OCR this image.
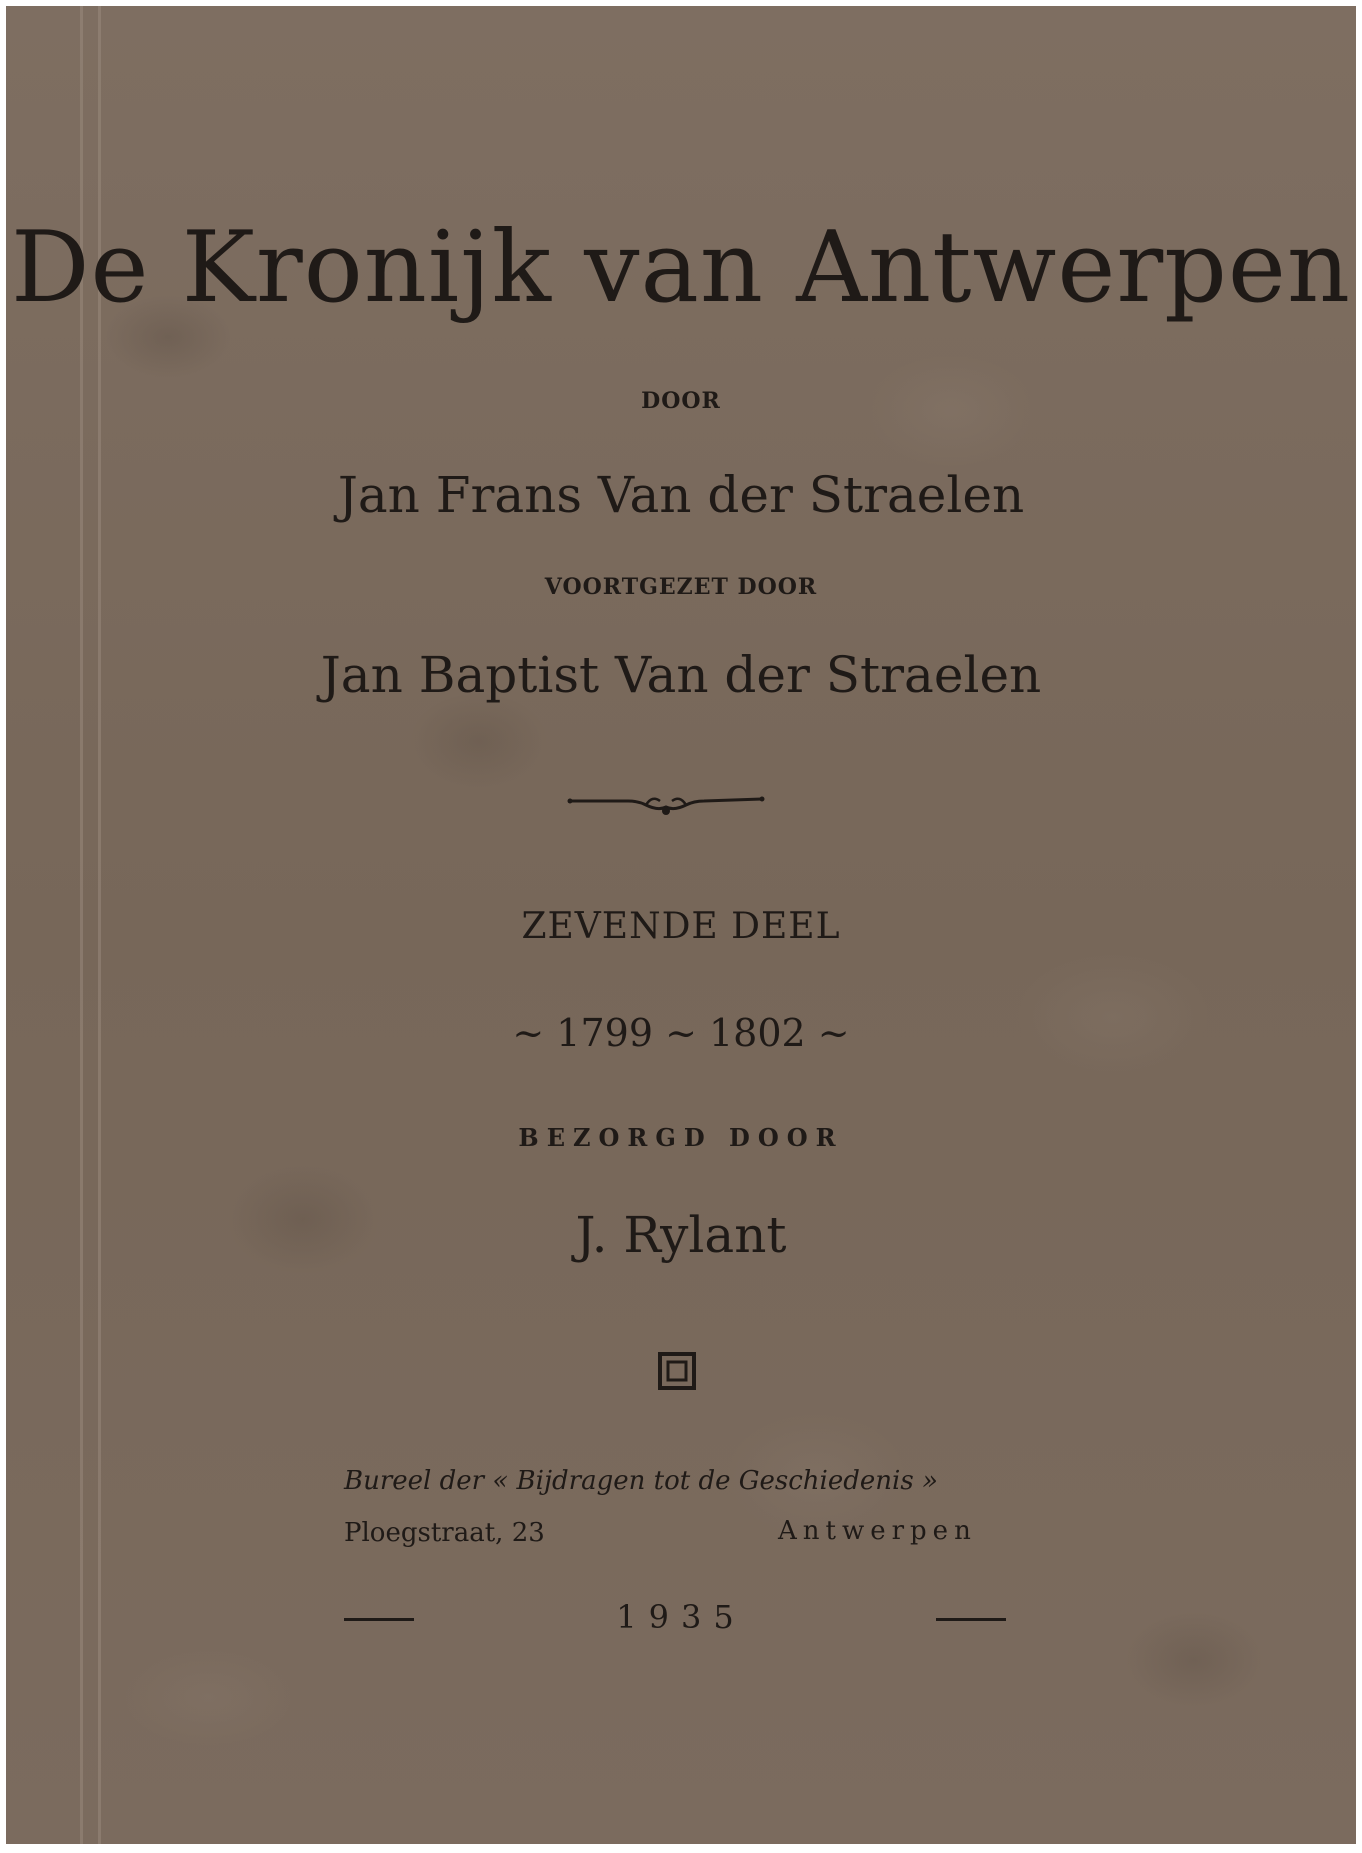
De Kronijk van Antwerpen
DOOR
Jan Frans Van der Straelen
VOORTGEZET DOOR
Jan Baptist Van der Straelen
ZEVENDE DEEL
~ 1799 ~ 1802 ~
BEZORGD DOOR
J. Rylant
Bureel der « Bijdragen tot de Geschiedenis »
Ploegstraat, 23	Antwerpen
1935
